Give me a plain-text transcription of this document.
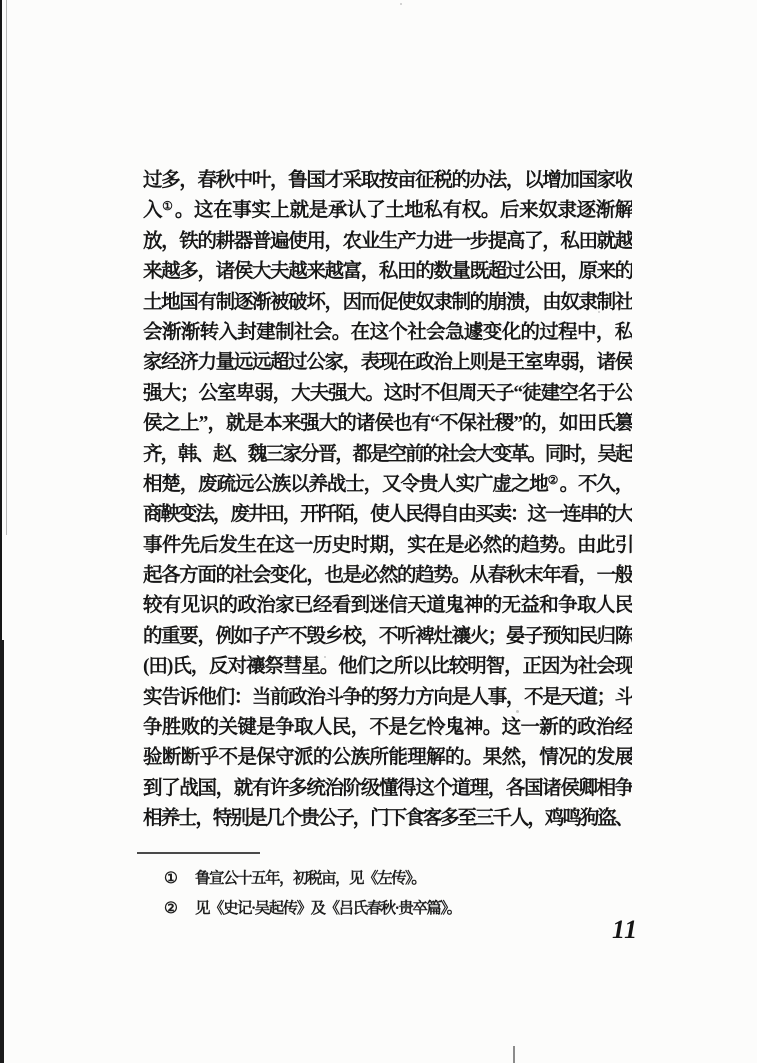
过多，春秋中叶，鲁国才采取按亩征税的办法，以增加国家收
入①。这在事实上就是承认了土地私有权。后来奴隶逐渐解
放，铁的耕器普遍使用，农业生产力进一步提高了，私田就越
来越多，诸侯大夫越来越富，私田的数量既超过公田，原来的
土地国有制逐渐被破坏，因而促使奴隶制的崩溃，由奴隶制社
会渐渐转入封建制社会。在这个社会急遽变化的过程中，私
家经济力量远远超过公家，表现在政治上则是王室卑弱，诸侯
强大；公室卑弱，大夫强大。这时不但周天子“徒建空名于公
侯之上”，就是本来强大的诸侯也有“不保社稷”的，如田氏篡
齐，韩、赵、魏三家分晋，都是空前的社会大变革。同时，吴起
相楚，废疏远公族以养战士，又令贵人实广虚之地②。不久，
商鞅变法，废井田，开阡陌，使人民得自由买卖：这一连串的大
事件先后发生在这一历史时期，实在是必然的趋势。由此引
起各方面的社会变化，也是必然的趋势。从春秋末年看，一般
较有见识的政治家已经看到迷信天道鬼神的无益和争取人民
的重要，例如子产不毁乡校，不听裨灶禳火；晏子预知民归陈
(田)氏，反对禳祭彗星。他们之所以比较明智，正因为社会现
实告诉他们：当前政治斗争的努力方向是人事，不是天道；斗
争胜败的关键是争取人民，不是乞怜鬼神。这一新的政治经
验断断乎不是保守派的公族所能理解的。果然，情况的发展
到了战国，就有许多统治阶级懂得这个道理，各国诸侯卿相争
相养士，特别是几个贵公子，门下食客多至三千人，鸡鸣狗盗、
①	鲁宣公十五年，初税亩，见《左传》。
②	见《史记·吴起传》及《吕氏春秋·贵卒篇》。
11
